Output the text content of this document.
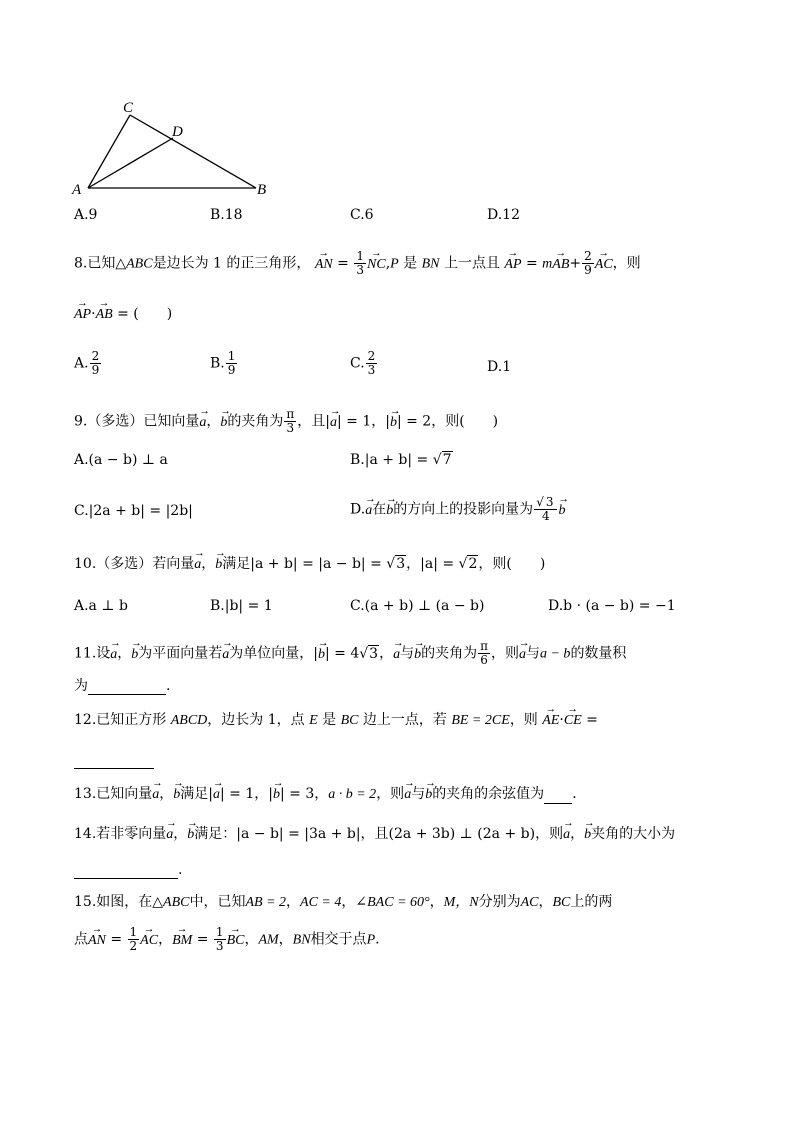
C
D
A	B
A.9	B.18	C.6	D.12
8.已知△ABC是边长为 1 的正三角形， → AN = $\frac{1}{3}$
→ NC,P 是 BN 上一点且 → AP = $m\to AB+ \frac{2}{9}$
→ AC，则
→ AP·→ AB = (　　)
A. $\frac{2}{9}$	B. $\frac{1}{9}$	C. $\frac{2}{3}$	D.1
9.（多选）已知向量→ a，→ b的夹角为 $\frac{\pi}{3}$ ，且|→ a| = 1，|→ b| = 2，则(　　)
A.(a − b) ⊥ a	B.|a + b| = √7
C.|2a + b| = |2b|	D.→ a在→ b的方向上的投影向量为 $\frac{√ 3}{4}$
→ b
10.（多选）若向量→ a，→ b满足|a + b| = |a − b| = √3，|a| = √2，则(　　)
A.a ⊥ b	B.|b| = 1	C.(a + b) ⊥ (a − b)	D.b · (a − b) = −1
11.设→ a，→ b为平面向量若→ a为单位向量，|→ b| = 4√3，→ a与→ b的夹角为 $\frac{\pi}{6}$ ，则→ a与a − b的数量积
为	.
12.已知正方形 ABCD，边长为 1，点 E 是 BC 边上一点，若 BE = 2CE，则 → AE·→ CE =
13.已知向量→ a，→ b满足|→ a| = 1，|→ b| = 3，a · b = 2，则→ a与→ b的夹角的余弦值为 .
14.若非零向量→ a，→ b满足：|a − b| = |3a + b|，且(2a + 3b) ⊥ (2a + b)，则→ a，→ b夹角的大小为
.
15.如图，在△ABC中，已知AB = 2，AC = 4，∠BAC = 60°，M，N分别为AC，BC上的两
点→ AN = $\frac{1}{2}$
→ AC，→ BM = $\frac{1}{3}$
→ BC，AM，BN相交于点P.
